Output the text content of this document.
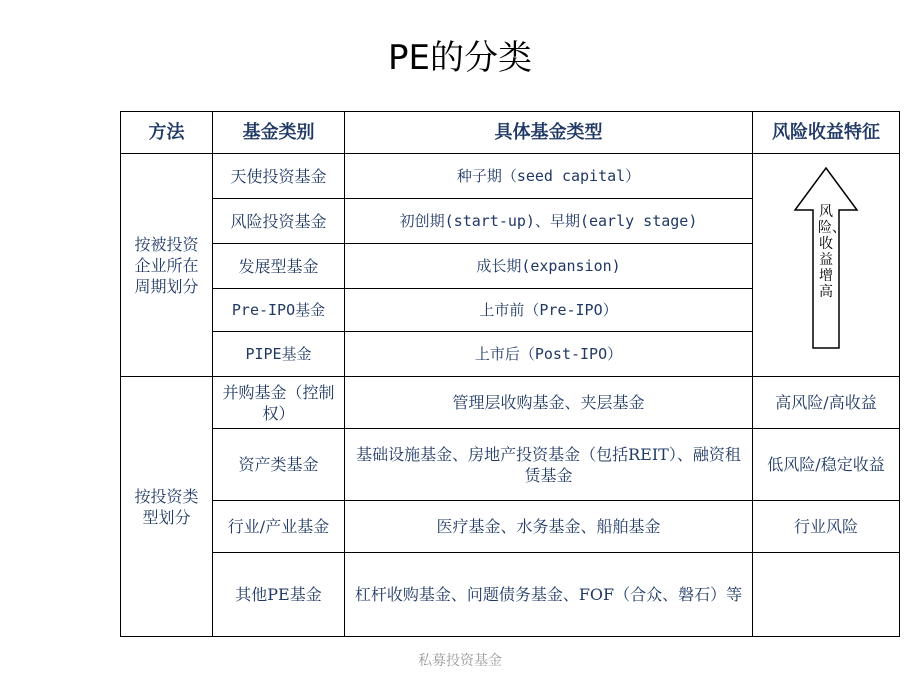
PE的分类
方法	基金类别	具体基金类型	风险收益特征
按被投资企业所在周期划分	天使投资基金	种子期（seed capital）	风险、收益增高

	风险投资基金	初创期(start-up)、早期(early stage)	
	发展型基金	成长期(expansion)	
	Pre-IPO基金	上市前（Pre-IPO）	
	PIPE基金	上市后（Post-IPO）	
按投资类型划分	并购基金（控制权）	管理层收购基金、夹层基金	高风险/高收益
	资产类基金	基础设施基金、房地产投资基金（包括REIT）、融资租赁基金	低风险/稳定收益
	行业/产业基金	医疗基金、水务基金、船舶基金	行业风险
	其他PE基金	杠杆收购基金、问题债务基金、FOF（合众、磐石）等	
私募投资基金
